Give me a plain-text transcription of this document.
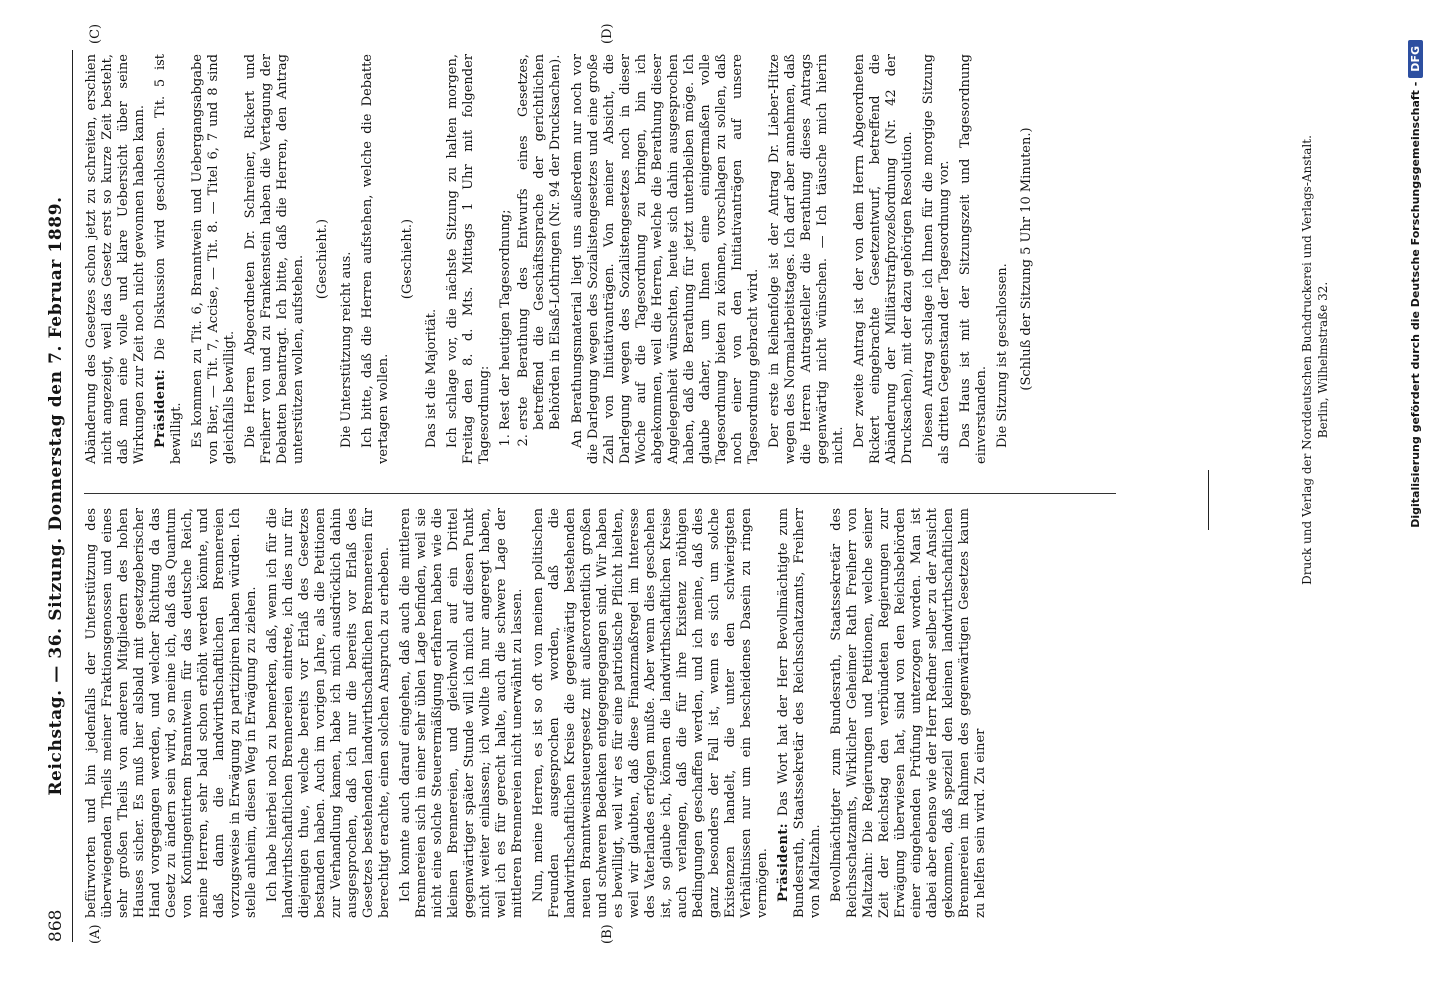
868
Reichstag. — 36. Sitzung. Donnerstag den 7. Februar 1889.
(A)	(B)
(C)	(D)

befürworten und bin jedenfalls der Unterstützung des überwiegenden Theils meiner Fraktionsgenossen und eines sehr großen Theils von anderen Mitgliedern des hohen Hauses sicher. Es muß hier alsbald mit gesetzgeberischer Hand vorgegangen werden, und welcher Richtung da das Gesetz zu ändern sein wird, so meine ich, daß das Quantum von Kontingentirtem Branntwein für das deutsche Reich, meine Herren, sehr bald schon erhöht werden könnte, und daß dann die landwirthschaftlichen Brennereien vorzugsweise in Erwägung zu partizipiren haben würden. Ich stelle anheim, diesen Weg in Erwägung zu ziehen. Ich habe hierbei noch zu bemerken, daß, wenn ich für die landwirthschaftlichen Brennereien eintrete, ich dies nur für diejenigen thue, welche bereits vor Erlaß des Gesetzes bestanden haben. Auch im vorigen Jahre, als die Petitionen zur Verhandlung kamen, habe ich mich ausdrücklich dahin ausgesprochen, daß ich nur die bereits vor Erlaß des Gesetzes bestehenden landwirthschaftlichen Brennereien für berechtigt erachte, einen solchen Anspruch zu erheben. Ich konnte auch darauf eingehen, daß auch die mittleren Brennereien sich in einer sehr üblen Lage befinden, weil sie nicht eine solche Steuerermäßigung erfahren haben wie die kleinen Brennereien, und gleichwohl auf ein Drittel gegenwärtiger später Stunde will ich mich auf diesen Punkt nicht weiter einlassen; ich wollte ihn nur angeregt haben, weil ich es für gerecht halte, auch die schwere Lage der mittleren Brennereien nicht unerwähnt zu lassen. Nun, meine Herren, es ist so oft von meinen politischen Freunden ausgesprochen worden, daß die landwirthschaftlichen Kreise die gegenwärtig bestehenden neuen Branntweinsteuergesetz mit außerordentlich großen und schweren Bedenken entgegengegangen sind. Wir haben es bewilligt, weil wir es für eine patriotische Pflicht hielten, weil wir glaubten, daß diese Finanzmaßregel im Interesse des Vaterlandes erfolgen mußte. Aber wenn dies geschehen ist, so glaube ich, können die landwirthschaftlichen Kreise auch verlangen, daß die für ihre Existenz nöthigen Bedingungen geschaffen werden, und ich meine, daß dies ganz besonders der Fall ist, wenn es sich um solche Existenzen handelt, die unter den schwierigsten Verhältnissen nur um ein bescheidenes Dasein zu ringen vermögen. Präsident: Das Wort hat der Herr Bevollmächtigte zum Bundesrath, Staatssekretär des Reichsschatzamts, Freiherr von Maltzahn. Bevollmächtigter zum Bundesrath, Staatssekretär des Reichsschatzamts, Wirklicher Geheimer Rath Freiherr von Maltzahn: Die Regierungen und Petitionen, welche seiner Zeit der Reichstag den verbündeten Regierungen zur Erwägung überwiesen hat, sind von den Reichsbehörden einer eingehenden Prüfung unterzogen worden. Man ist dabei aber ebenso wie der Herr Redner selber zu der Ansicht gekommen, daß speziell den kleinen landwirthschaftlichen Brennereien im Rahmen des gegenwärtigen Gesetzes kaum zu helfen sein wird. Zu einer

Abänderung des Gesetzes schon jetzt zu schreiten, erschien nicht angezeigt, weil das Gesetz erst so kurze Zeit besteht, daß man eine volle und klare Uebersicht über seine Wirkungen zur Zeit noch nicht gewonnen haben kann. Präsident: Die Diskussion wird geschlossen. Tit. 5 ist bewilligt. Es kommen zu Tit. 6, Branntwein und Uebergangsabgabe von Bier, — Tit. 7, Accise, — Tit. 8. — Titel 6, 7 und 8 sind gleichfalls bewilligt. Die Herren Abgeordneten Dr. Schreiner, Rickert und Freiherr von und zu Frankenstein haben die Vertagung der Debatten beantragt. Ich bitte, daß die Herren, den Antrag unterstützen wollen, aufstehen. (Geschieht.) Die Unterstützung reicht aus. Ich bitte, daß die Herren aufstehen, welche die Debatte vertagen wollen.

(Geschieht.)

Das ist die Majorität. Ich schlage vor, die nächste Sitzung zu halten morgen, Freitag den 8. d. Mts. Mittags 1 Uhr mit folgender Tagesordnung: 1. Rest der heutigen Tagesordnung; 2. erste Berathung des Entwurfs eines Gesetzes, betreffend die Geschäftssprache der gerichtlichen Behörden in Elsaß-Lothringen (Nr. 94 der Drucksachen). An Berathungsmaterial liegt uns außerdem nur noch vor die Darlegung wegen des Sozialistengesetzes und eine große Zahl von Initiativanträgen. Von meiner Absicht, die Darlegung wegen des Sozialistengesetzes noch in dieser Woche auf die Tagesordnung zu bringen, bin ich abgekommen, weil die Herren, welche die Berathung dieser Angelegenheit wünschten, heute sich dahin ausgesprochen haben, daß die Berathung für jetzt unterbleiben möge. Ich glaube daher, um Ihnen eine einigermaßen volle Tagesordnung bieten zu können, vorschlagen zu sollen, daß noch einer von den Initiativanträgen auf unsere Tagesordnung gebracht wird. Der erste in Reihenfolge ist der Antrag Dr. Lieber-Hitze wegen des Normalarbeitstages. Ich darf aber annehmen, daß die Herren Antragsteller die Berathung dieses Antrags gegenwärtig nicht wünschen. — Ich täusche mich hierin nicht. Der zweite Antrag ist der von dem Herrn Abgeordneten Rickert eingebrachte Gesetzentwurf, betreffend die Abänderung der Militärstrafprozeßordnung (Nr. 42 der Drucksachen), mit der dazu gehörigen Resolution. Diesen Antrag schlage ich Ihnen für die morgige Sitzung als dritten Gegenstand der Tagesordnung vor. Das Haus ist mit der Sitzungszeit und Tagesordnung einverstanden. Die Sitzung ist geschlossen. (Schluß der Sitzung 5 Uhr 10 Minuten.)	Druck und Verlag der Norddeutschen Buchdruckerei und Verlags-Anstalt. Berlin, Wilhelmstraße 32.	Digitalisierung gefördert durch die Deutsche Forschungsgemeinschaft -
DFG
